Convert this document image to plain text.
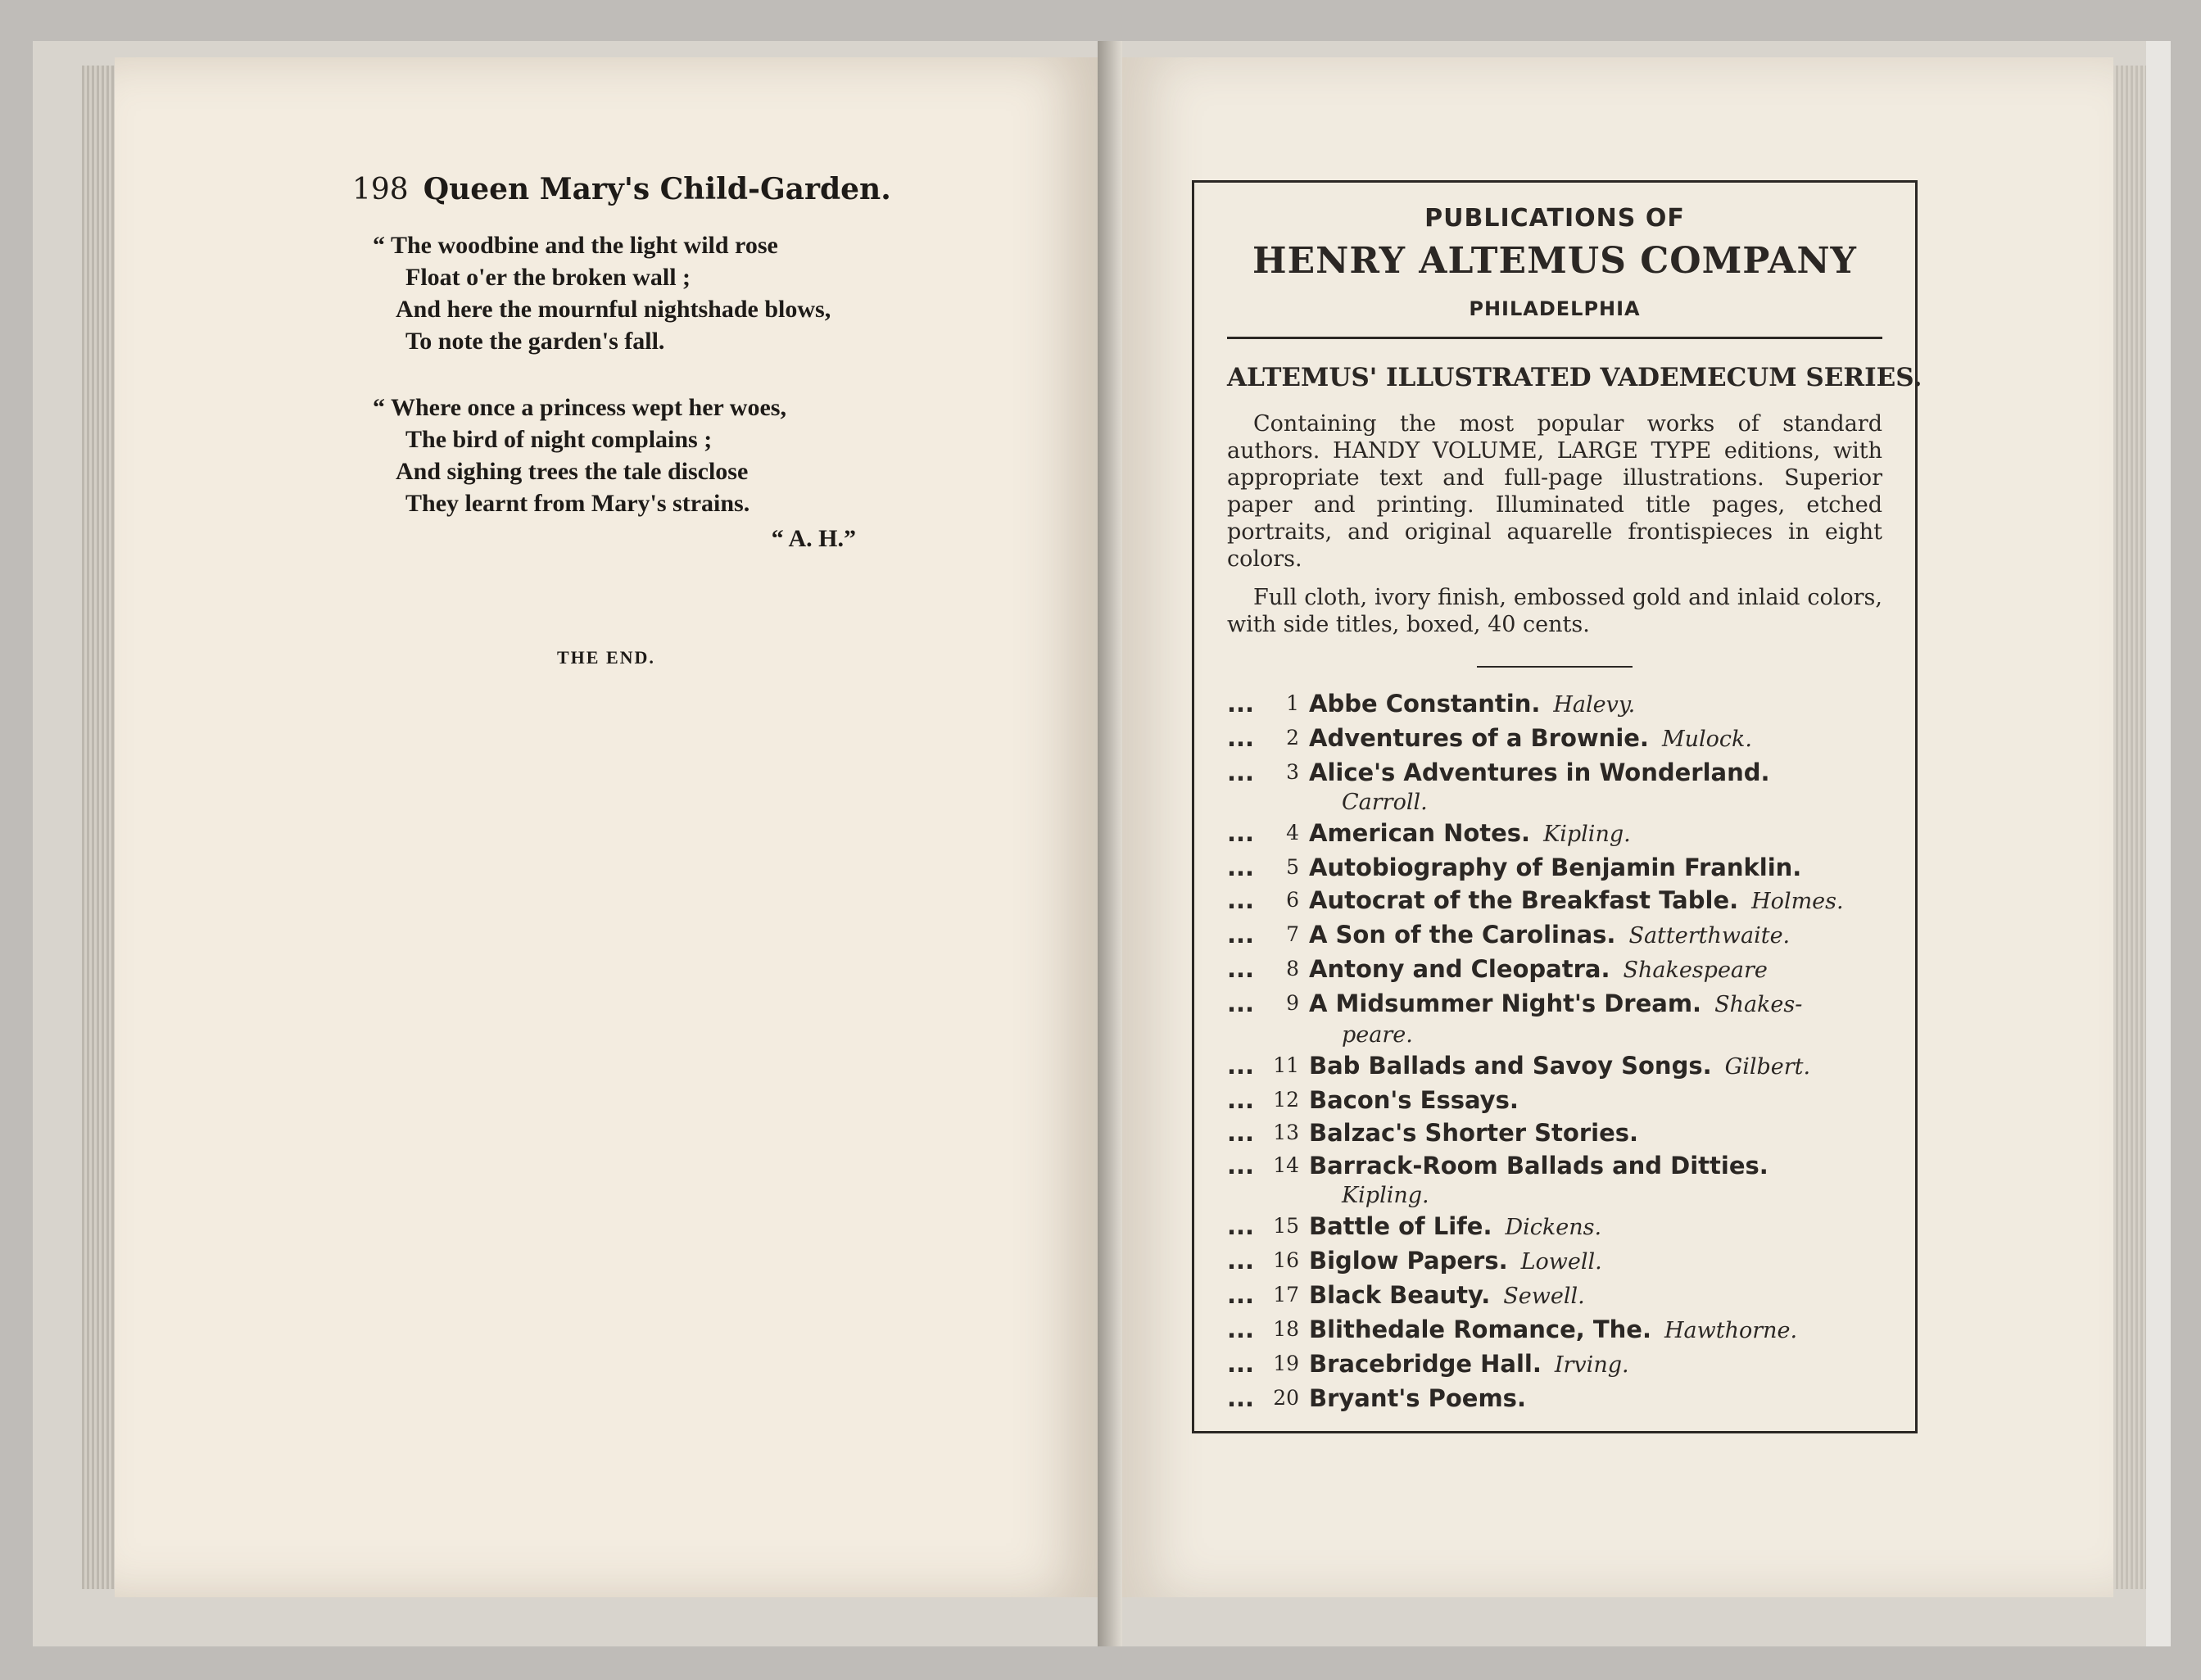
198 Queen Mary's Child-Garden.
“ The woodbine and the light wild rose
Float o'er the broken wall ;
And here the mournful nightshade blows,
To note the garden's fall.
“ Where once a princess wept her woes,
The bird of night complains ;
And sighing trees the tale disclose
They learnt from Mary's strains.
“ A. H.”
THE END.
PUBLICATIONS OF
HENRY ALTEMUS COMPANY
PHILADELPHIA
ALTEMUS' ILLUSTRATED VADEMECUM SERIES.

Containing the most popular works of standard authors. HANDY VOLUME, LARGE TYPE editions, with appropriate text and full-page illustrations. Superior paper and printing. Illuminated title pages, etched portraits, and original aquarelle frontispieces in eight colors.

Full cloth, ivory finish, embossed gold and inlaid colors, with side titles, boxed, 40 cents.

...	1 Abbe Constantin. Halevy.
...	2 Adventures of a Brownie. Mulock.
...	3 Alice's Adventures in Wonderland.
Carroll.
...	4 American Notes. Kipling.
...	5 Autobiography of Benjamin Franklin.
...	6 Autocrat of the Breakfast Table. Holmes.
...	7 A Son of the Carolinas. Satterthwaite.
...	8 Antony and Cleopatra. Shakespeare
...	9 A Midsummer Night's Dream. Shakes-
peare.
... 11 Bab Ballads and Savoy Songs. Gilbert.
... 12 Bacon's Essays.
... 13 Balzac's Shorter Stories.
... 14 Barrack-Room Ballads and Ditties.
Kipling.
... 15 Battle of Life. Dickens.
... 16 Biglow Papers. Lowell.
... 17 Black Beauty. Sewell.
... 18 Blithedale Romance, The. Hawthorne.
... 19 Bracebridge Hall. Irving.
... 20 Bryant's Poems.
